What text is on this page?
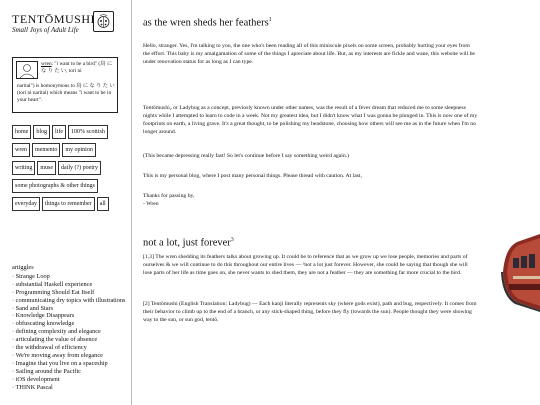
TENTŌMUSHI
Small Joys of Adult Life
wren: "i want to be a bird" (鳥 に な り た い, tori ni
naritai") is homonymous to 鳥 に な り た い (tori ni naritai) which means "i want to be in your heart".
home	blog	life	100% scottish
wren	memento	my opinion
writing	muse	daily (?) poetry
some photographs & other things
everyday	things to remember	all
artiggles
· Strange Loop
· substantial Haskell experience
· Programming Should Eat Itself
· communicating dry topics with illustrations
· Sand and Stars
· Knowledge Disappears
· obfuscating knowledge
· defining complexity and elegance
· articulating the value of absence
· the withdrawal of efficiency
· We're moving away from elegance
· Imagine that you live on a spaceship
· Sailing around the Pacific
· iOS development
· THINK Pascal
as the wren sheds her feathers$^1$

Hello, stranger. Yes, I'm talking to you, the one who's been reading all of this miniscule pixels on some screen, probably hurting your eyes from the effort. This baby is my amalgamation of some of the things I apreciate about life. But, as my interests are fickle and wane, this website will be under renovation status for as long as I can type.

Tentōmushi₂ or Ladybug as a concept, previosly known under other names, was the result of a fever dream that reduced me to some sleepness nights while I attempted to learn to code in a week. Not my greatest idea, but I didn't know what I was gonna be plunged in. This is now one of my footprints on earth, a living grave. It's a great thought, to be polishing my headstone, choosing how others will see me as in the future when I'm no longer around.

(This became depressing really fast! So let's continue before I say something weird again.)

This is my personal blog, where I post many personal things. Please thread with caution. At last,

Thanks for passing by,

- Wren

not a lot, just forever$^3$

[1,3] The wren shedding its feathers talks about growing up. It could be to reference that as we grow up we lose people, memories and parts of ourselves & we will continue to do this throughout our entire lives — ³not a lot just forever. However, she could be saying that though she will lose parts of her life as time goes on, she never wants to shed them, they are not a feather — they are something far more crucial to the bird.

[2] Tentōmushi (English Translation: Ladybug) — Each kanji literally represents sky (where gods exist), path and bug, respectively. It comes from their behavior to climb up to the end of a branch, or any stick-shaped thing, before they fly (towards the sun). People thought they were showing way to the sun, or sun god, tentō.
